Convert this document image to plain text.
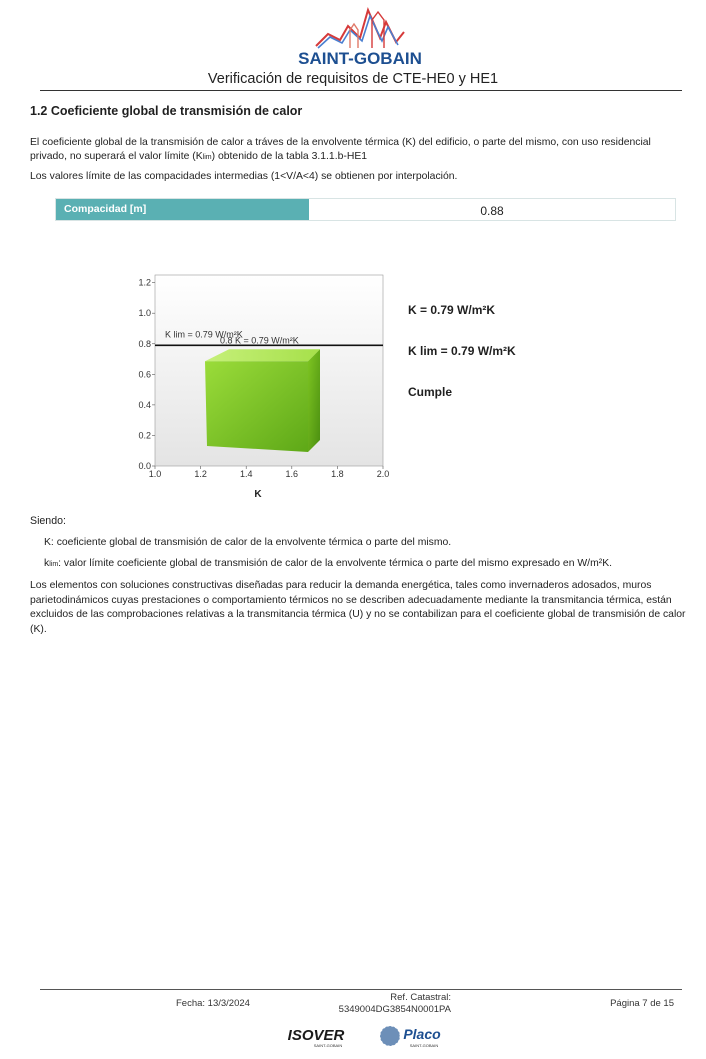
SAINT-GOBAIN
Verificación de requisitos de CTE-HE0 y HE1
1.2 Coeficiente global de transmisión de calor
El coeficiente global de la transmisión de calor a tráves de la envolvente térmica (K) del edificio, o parte del mismo, con uso residencial privado, no superará el valor límite (Klim) obtenido de la tabla 3.1.1.b-HE1
Los valores límite de las compacidades intermedias (1<V/A<4) se obtienen por interpolación.
Compacidad [m]	0.88
0.0
0.2
0.4
0.6
0.8
1.0
1.2
1.0	1.2	1.4	1.6	1.8	2.0
K lim = 0.79 W/m²K
0.8 K = 0.79 W/m²K
K
K = 0.79 W/m²K
K lim = 0.79 W/m²K
Cumple
Siendo:
K: coeficiente global de transmisión de calor de la envolvente térmica o parte del mismo.
klim: valor límite coeficiente global de transmisión de calor de la envolvente térmica o parte del mismo expresado en W/m²K.
Los elementos con soluciones constructivas diseñadas para reducir la demanda energética, tales como invernaderos adosados, muros parietodinámicos cuyas prestaciones o comportamiento térmicos no se describen adecuadamente mediante la transmitancia térmica, están excluidos de las comprobaciones relativas a la transmitancia térmica (U) y no se contabilizan para el coeficiente global de transmisión de calor (K).
Fecha: 13/3/2024
Ref. Catastral:
5349004DG3854N0001PA
Página 7 de 15
ISOVER
SAINT-GOBAIN
Placo
SAINT-GOBAIN
